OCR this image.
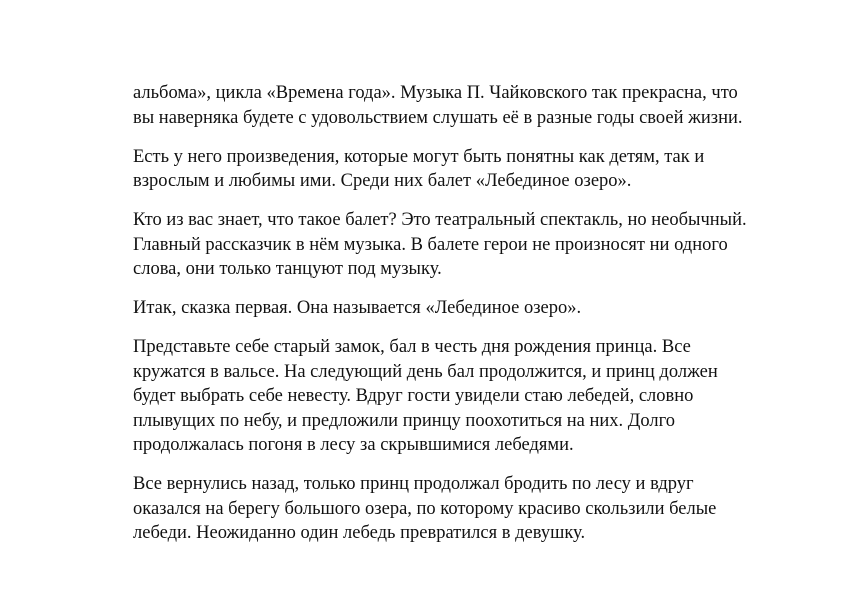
альбома», цикла «Времена года». Музыка П. Чайковского так прекрасна, что
вы наверняка будете с удовольствием слушать её в разные годы своей жизни.

Есть у него произведения, которые могут быть понятны как детям, так и
взрослым и любимы ими. Среди них балет «Лебединое озеро».

Кто из вас знает, что такое балет? Это театральный спектакль, но необычный.
Главный рассказчик в нём музыка. В балете герои не произносят ни одного
слова, они только танцуют под музыку.

Итак, сказка первая. Она называется «Лебединое озеро».

Представьте себе старый замок, бал в честь дня рождения принца. Все
кружатся в вальсе. На следующий день бал продолжится, и принц должен
будет выбрать себе невесту. Вдруг гости увидели стаю лебедей, словно
плывущих по небу, и предложили принцу поохотиться на них. Долго
продолжалась погоня в лесу за скрывшимися лебедями.

Все вернулись назад, только принц продолжал бродить по лесу и вдруг
оказался на берегу большого озера, по которому красиво скользили белые
лебеди. Неожиданно один лебедь превратился в девушку.
